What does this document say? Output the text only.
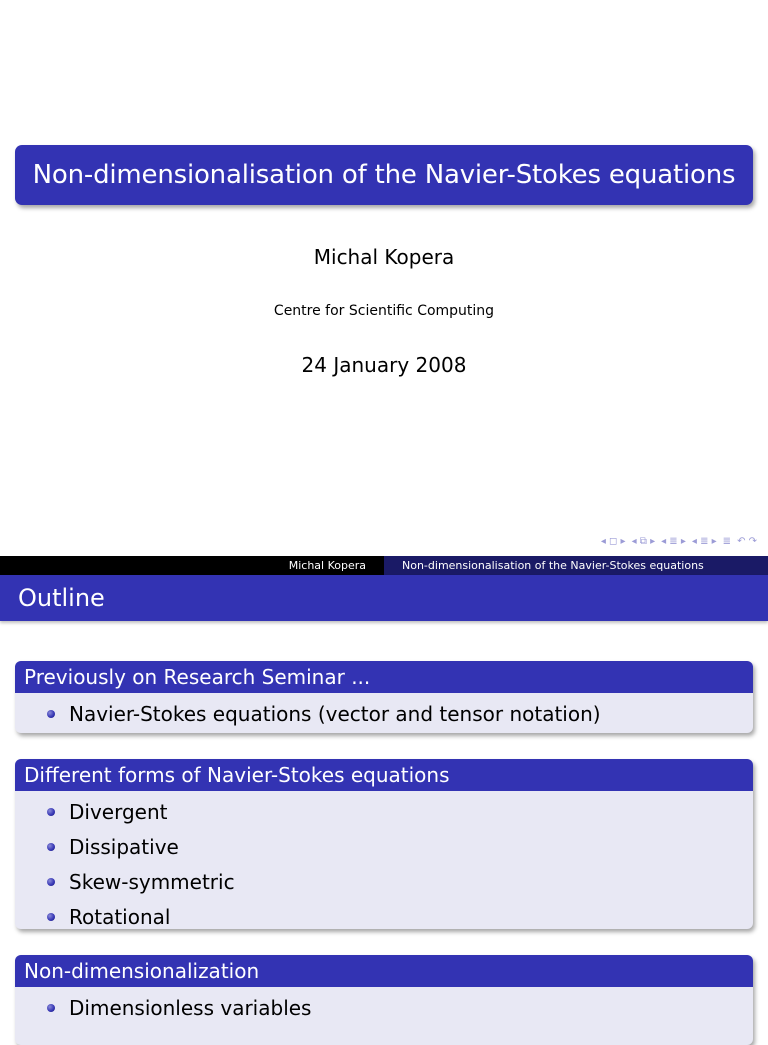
Non-dimensionalisation of the Navier-Stokes equations
Michal Kopera
Centre for Scientific Computing
24 January 2008
◂ ◻ ▸ ◂ ⧉ ▸ ◂ ≣ ▸ ◂ ≣ ▸ ≣ ↶ ↷
Michal Kopera	Non-dimensionalisation of the Navier-Stokes equations
Outline
Previously on Research Seminar ...
Navier-Stokes equations (vector and tensor notation)
Different forms of Navier-Stokes equations
Divergent
Dissipative
Skew-symmetric
Rotational
Non-dimensionalization
Dimensionless variables
